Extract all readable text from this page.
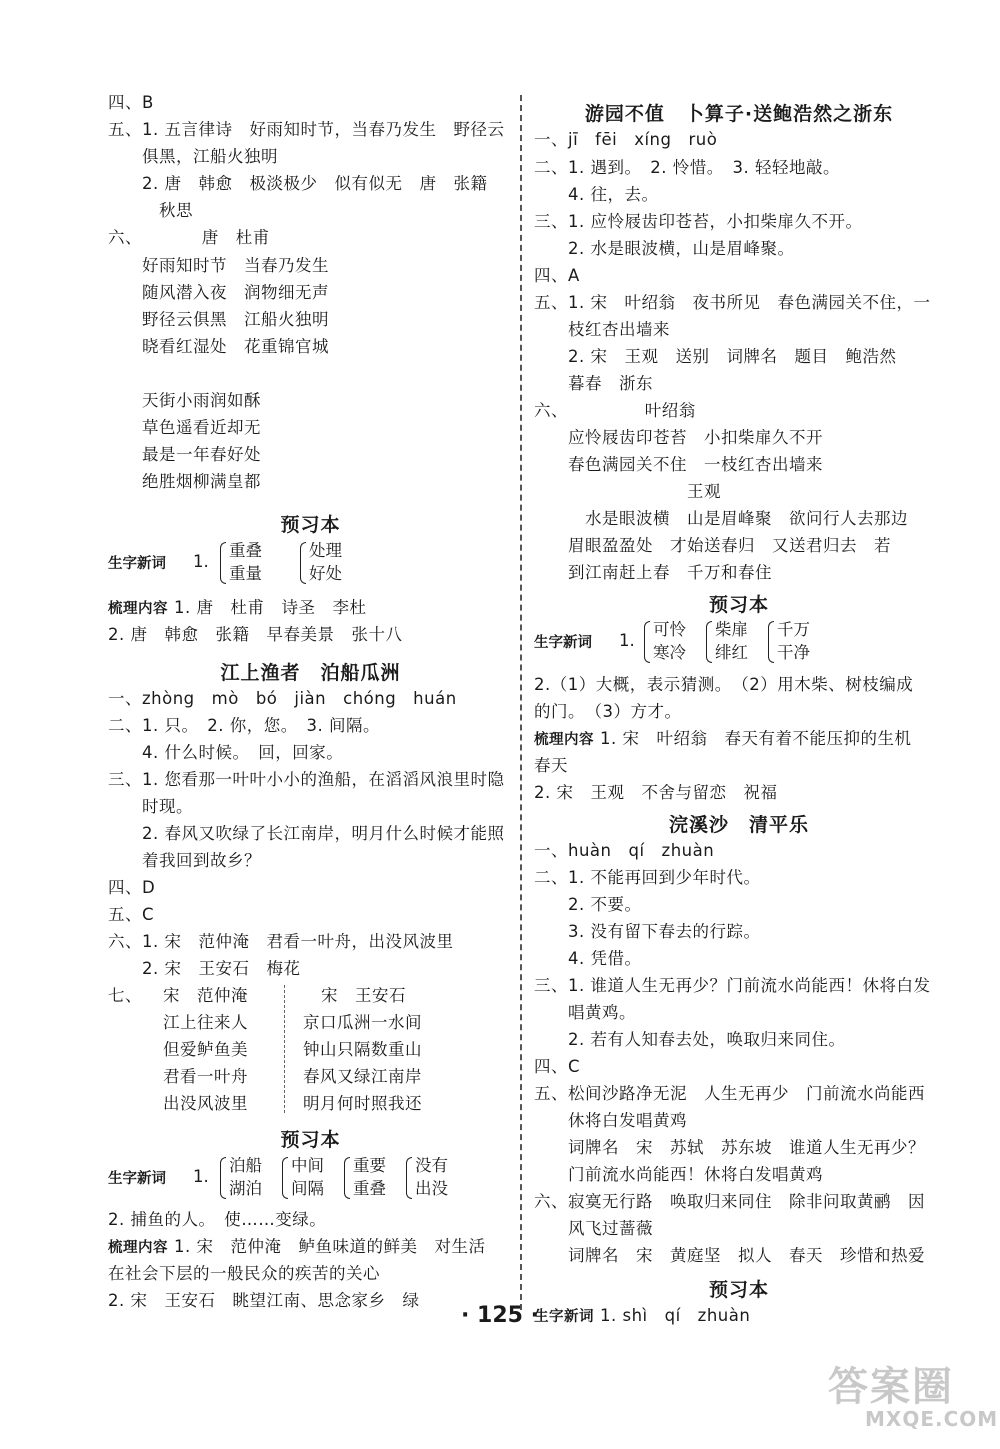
四、B
五、1. 五言律诗　好雨知时节，当春乃发生　野径云
　　俱黑，江船火独明
　　2. 唐　韩愈　极淡极少　似有似无　唐　张籍
　　　秋思
六、　　　　唐　杜甫
　　好雨知时节　当春乃发生
　　随风潜入夜　润物细无声
　　野径云俱黑　江船火独明
　　晓看红湿处　花重锦官城
　　天街小雨润如酥
　　草色遥看近却无
　　最是一年春好处
　　绝胜烟柳满皇都
预习本
生字新词 1.
重叠
重量
处理
好处
梳理内容 1. 唐　杜甫　诗圣　李杜
2. 唐　韩愈　张籍　早春美景　张十八
江上渔者　泊船瓜洲
一、zhòng　mò　bó　jiàn　chóng　huán
二、1. 只。　2. 你，您。　3. 间隔。
　　4. 什么时候。　回，回家。
三、1. 您看那一叶叶小小的渔船，在滔滔风浪里时隐
　　时现。
　　2. 春风又吹绿了长江南岸，明月什么时候才能照
　　着我回到故乡？
四、D
五、C
六、1. 宋　范仲淹　君看一叶舟，出没风波里
　　2. 宋　王安石　梅花
七、 宋　范仲淹
江上往来人
但爱鲈鱼美
君看一叶舟
出没风波里
宋　王安石
京口瓜洲一水间
钟山只隔数重山
春风又绿江南岸
明月何时照我还
预习本
生字新词 1.
泊船
湖泊
中间
间隔
重要
重叠
没有
出没
2. 捕鱼的人。　使……变绿。
梳理内容 1. 宋　范仲淹　鲈鱼味道的鲜美　对生活
在社会下层的一般民众的疾苦的关心
2. 宋　王安石　眺望江南、思念家乡　绿
游园不值　卜算子·送鲍浩然之浙东
一、jī　fēi　xíng　ruò
二、1. 遇到。　2. 怜惜。　3. 轻轻地敲。
　　4. 往，去。
三、1. 应怜屐齿印苍苔，小扣柴扉久不开。
　　2. 水是眼波横，山是眉峰聚。
四、A
五、1. 宋　叶绍翁　夜书所见　春色满园关不住，一
　　枝红杏出墙来
　　2. 宋　王观　送别　词牌名　题目　鲍浩然
　　暮春　浙东
六、　　　　　叶绍翁
　　应怜屐齿印苍苔　小扣柴扉久不开
　　春色满园关不住　一枝红杏出墙来
　　　　　　　　　王观
　　　水是眼波横　山是眉峰聚　欲问行人去那边
　　眉眼盈盈处　才始送春归　又送君归去　若
　　到江南赶上春　千万和春住
预习本
生字新词 1.
可怜
寒冷
柴扉
绯红
千万
干净
2.（1）大概，表示猜测。　（2）用木柴、树枝编成
的门。　（3）方才。
梳理内容 1. 宋　叶绍翁　春天有着不能压抑的生机
春天
2. 宋　王观　不舍与留恋　祝福
浣溪沙　清平乐
一、huàn　qí　zhuàn
二、1. 不能再回到少年时代。
　　2. 不要。
　　3. 没有留下春去的行踪。
　　4. 凭借。
三、1. 谁道人生无再少？门前流水尚能西！休将白发
　　唱黄鸡。
　　2. 若有人知春去处，唤取归来同住。
四、C
五、松间沙路净无泥　人生无再少　门前流水尚能西
　　休将白发唱黄鸡
　　词牌名　宋　苏轼　苏东坡　谁道人生无再少？
　　门前流水尚能西！休将白发唱黄鸡
六、寂寞无行路　唤取归来同住　除非问取黄鹂　因
　　风飞过蔷薇
　　词牌名　宋　黄庭坚　拟人　春天　珍惜和热爱
预习本
生字新词 1. shì　qí　zhuàn
· 125 ·
答案圈
MXQE.COM
